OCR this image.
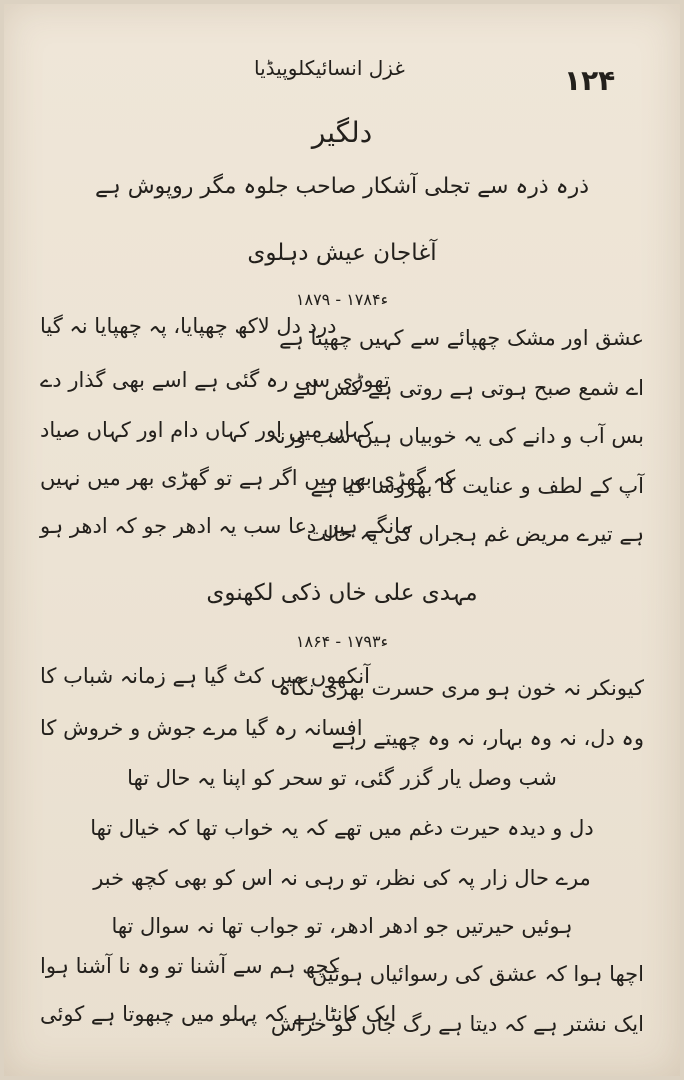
غزل انسائیکلوپیڈیا	۱۲۴
دلگیر
ذرہ ذرہ سے تجلی آشکار صاحب جلوہ مگر روپوش ہے
آغاجان عیش دہلوی
۱۸۷۹ - ۱۷۸۴ء
عشق اور مشک چھپائے سے کہیں چھپتا ہے
درد دل لاکھ چھپایا، پہ چھپایا نہ گیا
اے شمع صبح ہوتی ہے روتی ہے کس لئے
تھوڑی سی رہ گئی ہے اسے بھی گذار دے
بس آب و دانے کی یہ خوبیاں ہیں سب ورنہ
کہاں میں اور کہاں دام اور کہاں صیاد
آپ کے لطف و عنایت کا بھروسا کیا ہے
کہ گھڑی بھر میں اگر ہے تو گھڑی بھر میں نہیں
ہے تیرے مریض غم ہجراں کی یہ حالت
مانگے ہیں دعا سب یہ ادھر جو کہ ادھر ہو
مہدی علی خاں ذکی لکھنوی
۱۸۶۴ - ۱۷۹۳ء
کیونکر نہ خون ہو مری حسرت بھری نگاہ
آنکھوں میں کٹ گیا ہے زمانہ شباب کا
وہ دل، نہ وہ بہار، نہ وہ چھیتے رہے
افسانہ رہ گیا مرے جوش و خروش کا
شب وصل یار گزر گئی، تو سحر کو اپنا یہ حال تھا
دل و دیدہ حیرت دغم میں تھے کہ یہ خواب تھا کہ خیال تھا
مرے حال زار پہ کی نظر، تو رہی نہ اس کو بھی کچھ خبر
ہوئیں حیرتیں جو ادھر ادھر، تو جواب تھا نہ سوال تھا
اچھا ہوا کہ عشق کی رسوائیاں ہوئیں
کچھ ہم سے آشنا تو وہ نا آشنا ہوا
ایک نشتر ہے کہ دیتا ہے رگ جاں کو خراش
ایک کانٹا ہے کہ پہلو میں چبھوتا ہے کوئی
